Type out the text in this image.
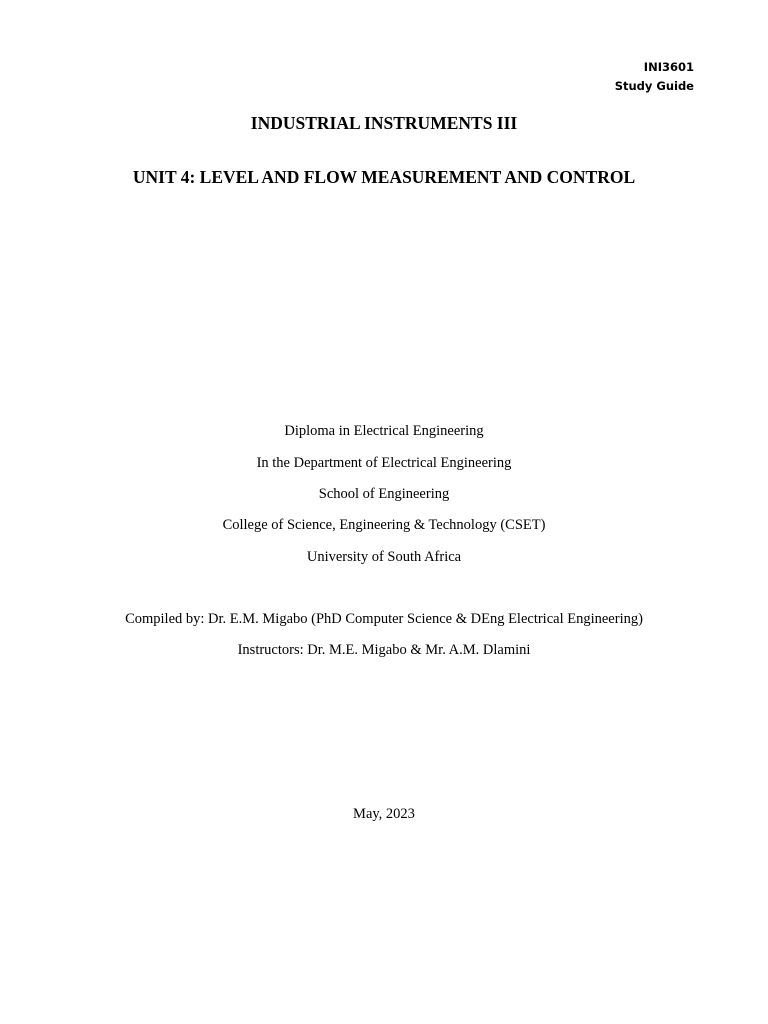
INI3601
Study Guide
INDUSTRIAL INSTRUMENTS III
UNIT 4: LEVEL AND FLOW MEASUREMENT AND CONTROL
Diploma in Electrical Engineering
In the Department of Electrical Engineering
School of Engineering
College of Science, Engineering & Technology (CSET)
University of South Africa
Compiled by: Dr. E.M. Migabo (PhD Computer Science & DEng Electrical Engineering)
Instructors: Dr. M.E. Migabo & Mr. A.M. Dlamini
May, 2023
